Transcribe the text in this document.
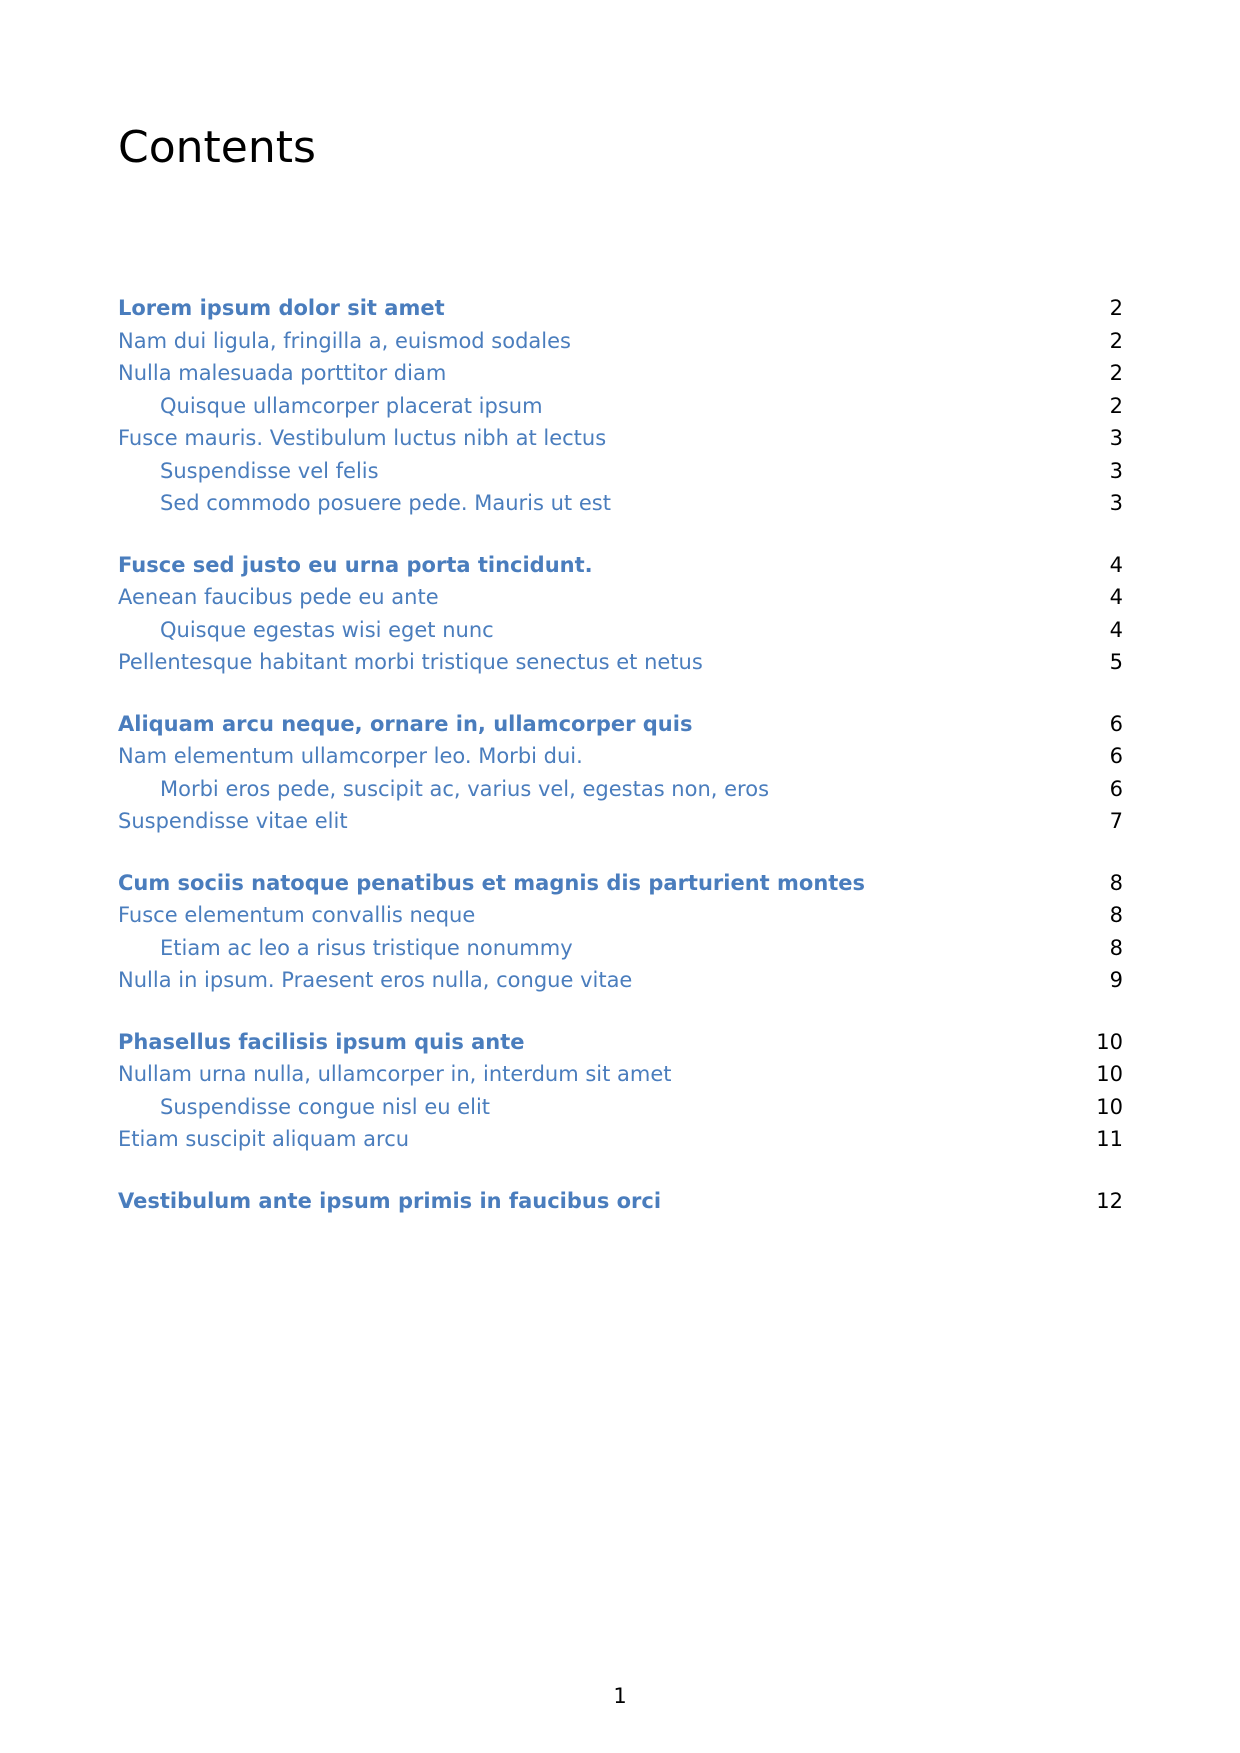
Contents
Lorem ipsum dolor sit amet	2
Nam dui ligula, fringilla a, euismod sodales	2
Nulla malesuada porttitor diam	2
Quisque ullamcorper placerat ipsum	2
Fusce mauris. Vestibulum luctus nibh at lectus	3
Suspendisse vel felis	3
Sed commodo posuere pede. Mauris ut est	3
Fusce sed justo eu urna porta tincidunt.	4
Aenean faucibus pede eu ante	4
Quisque egestas wisi eget nunc	4
Pellentesque habitant morbi tristique senectus et netus	5
Aliquam arcu neque, ornare in, ullamcorper quis	6
Nam elementum ullamcorper leo. Morbi dui.	6
Morbi eros pede, suscipit ac, varius vel, egestas non, eros	6
Suspendisse vitae elit	7
Cum sociis natoque penatibus et magnis dis parturient montes	8
Fusce elementum convallis neque	8
Etiam ac leo a risus tristique nonummy	8
Nulla in ipsum. Praesent eros nulla, congue vitae	9
Phasellus facilisis ipsum quis ante	10
Nullam urna nulla, ullamcorper in, interdum sit amet	10
Suspendisse congue nisl eu elit	10
Etiam suscipit aliquam arcu	11
Vestibulum ante ipsum primis in faucibus orci	12
1
